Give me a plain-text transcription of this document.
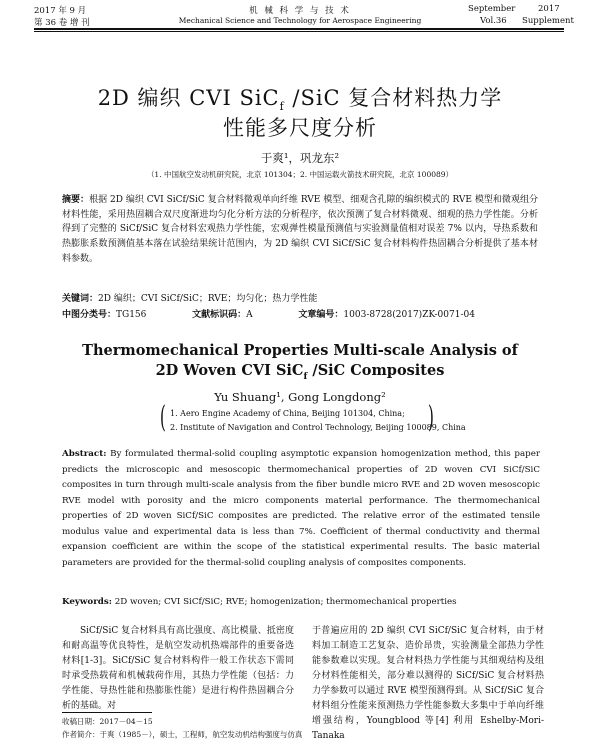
2017 年 9 月
第 36 卷 增 刊
机 械 科 学 与 技 术
Mechanical Science and Technology for Aerospace Engineering
September	2017
Vol.36 Supplement
2D 编织 CVI SiC$_f$ /SiC 复合材料热力学
性能多尺度分析
于爽¹，巩龙东²
（1. 中国航空发动机研究院，北京 101304；2. 中国运载火箭技术研究院，北京 100089）
摘要：根据 2D 编织 CVI SiCf/SiC 复合材料微观单向纤维 RVE 模型、细观含孔隙的编织模式的 RVE 模型和微观组分材料性能，采用热固耦合双尺度渐进均匀化分析方法的分析程序，依次预测了复合材料微观、细观的热力学性能。分析得到了完整的 SiCf/SiC 复合材料宏观热力学性能，宏观弹性模量预测值与实验测量值相对误差 7% 以内，导热系数和热膨胀系数预测值基本落在试验结果统计范围内，为 2D 编织 CVI SiCf/SiC 复合材料构件热固耦合分析提供了基本材料参数。
关键词：2D 编织；CVI SiCf/SiC；RVE；均匀化；热力学性能
中图分类号：TG156	文献标识码：A	文章编号：1003-8728(2017)ZK-0071-04
Thermomechanical Properties Multi-scale Analysis of
2D Woven CVI SiC$_f$ /SiC Composites
Yu Shuang¹, Gong Longdong²
( 1. Aero Engine Academy of China, Beijing 101304, China;
2. Institute of Navigation and Control Technology, Beijing 100089, China
)
Abstract: By formulated thermal-solid coupling asymptotic expansion homogenization method, this paper predicts the microscopic and mesoscopic thermomechanical properties of 2D woven CVI SiCf/SiC composites in turn through multi-scale analysis from the fiber bundle micro RVE and 2D woven mesoscopic RVE model with porosity and the micro components material performance. The thermomechanical properties of 2D woven SiCf/SiC composites are predicted. The relative error of the estimated tensile modulus value and experimental data is less than 7%. Coefficient of thermal conductivity and thermal expansion coefficient are within the scope of the statistical experimental results. The basic material parameters are provided for the thermal-solid coupling analysis of composites components.
Keywords: 2D woven; CVI SiCf/SiC; RVE; homogenization; thermomechanical properties
SiCf/SiC 复合材料具有高比强度、高比模量、抵密度和耐高温等优良特性，是航空发动机热端部件的重要备选材料[1-3]。SiCf/SiC 复合材料构件一般工作状态下需同时承受热载荷和机械载荷作用，其热力学性能（包括：力学性能、导热性能和热膨胀性能）是进行构件热固耦合分析的基础。对
于普遍应用的 2D 编织 CVI SiCf/SiC 复合材料，由于材料加工制造工艺复杂、造价昂贵，实验测量全部热力学性能参数难以实现。复合材料热力学性能与其细观结构及组分材料性能相关，部分难以测得的 SiCf/SiC 复合材料热力学参数可以通过 RVE 模型预测得到。从 SiCf/SiC 复合材料组分性能来预测热力学性能参数大多集中于单向纤维增强结构，Youngblood 等[4] 利用 Eshelby-Mori-Tanaka
收稿日期：2017－04－15
作者简介：于爽（1985－），硕士，工程师，航空发动机结构强度与仿真
